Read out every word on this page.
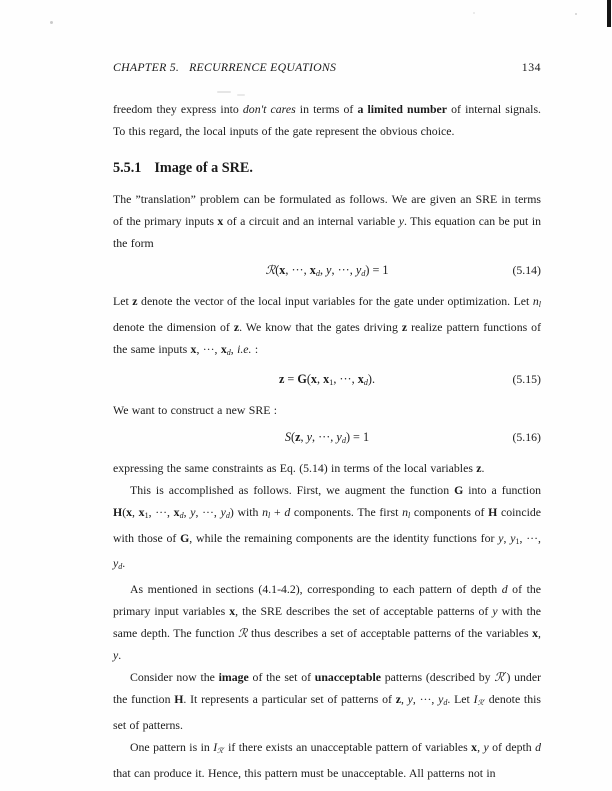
CHAPTER 5. RECURRENCE EQUATIONS	134

freedom they express into don't cares in terms of a limited number of internal signals. To this regard, the local inputs of the gate represent the obvious choice.

5.5.1 Image of a SRE.

The ”translation” problem can be formulated as follows. We are given an SRE in terms of the primary inputs x of a circuit and an internal variable y. This equation can be put in the form

ℛ(x, ···, xd, y, ···, yd) = 1	(5.14)

Let z denote the vector of the local input variables for the gate under optimization. Let nl denote the dimension of z. We know that the gates driving z realize pattern functions of the same inputs x, ···, xd, i.e. :

z = G(x, x1, ···, xd).	(5.15)

We want to construct a new SRE :

S(z, y, ···, yd) = 1	(5.16)

expressing the same constraints as Eq. (5.14) in terms of the local variables z.

This is accomplished as follows. First, we augment the function G into a function H(x, x1, ···, xd, y, ···, yd) with nl + d components. The first nl components of H coincide with those of G, while the remaining components are the identity functions for y, y1, ···, yd.

As mentioned in sections (4.1-4.2), corresponding to each pattern of depth d of the primary input variables x, the SRE describes the set of acceptable patterns of y with the same depth. The function ℛ thus describes a set of acceptable patterns of the variables x, y.

Consider now the image of the set of unacceptable patterns (described by ℛ′) under the function H. It represents a particular set of patterns of z, y, ···, yd. Let Iℛ′ denote this set of patterns.

One pattern is in Iℛ′ if there exists an unacceptable pattern of variables x, y of depth d that can produce it. Hence, this pattern must be unacceptable. All patterns not in
